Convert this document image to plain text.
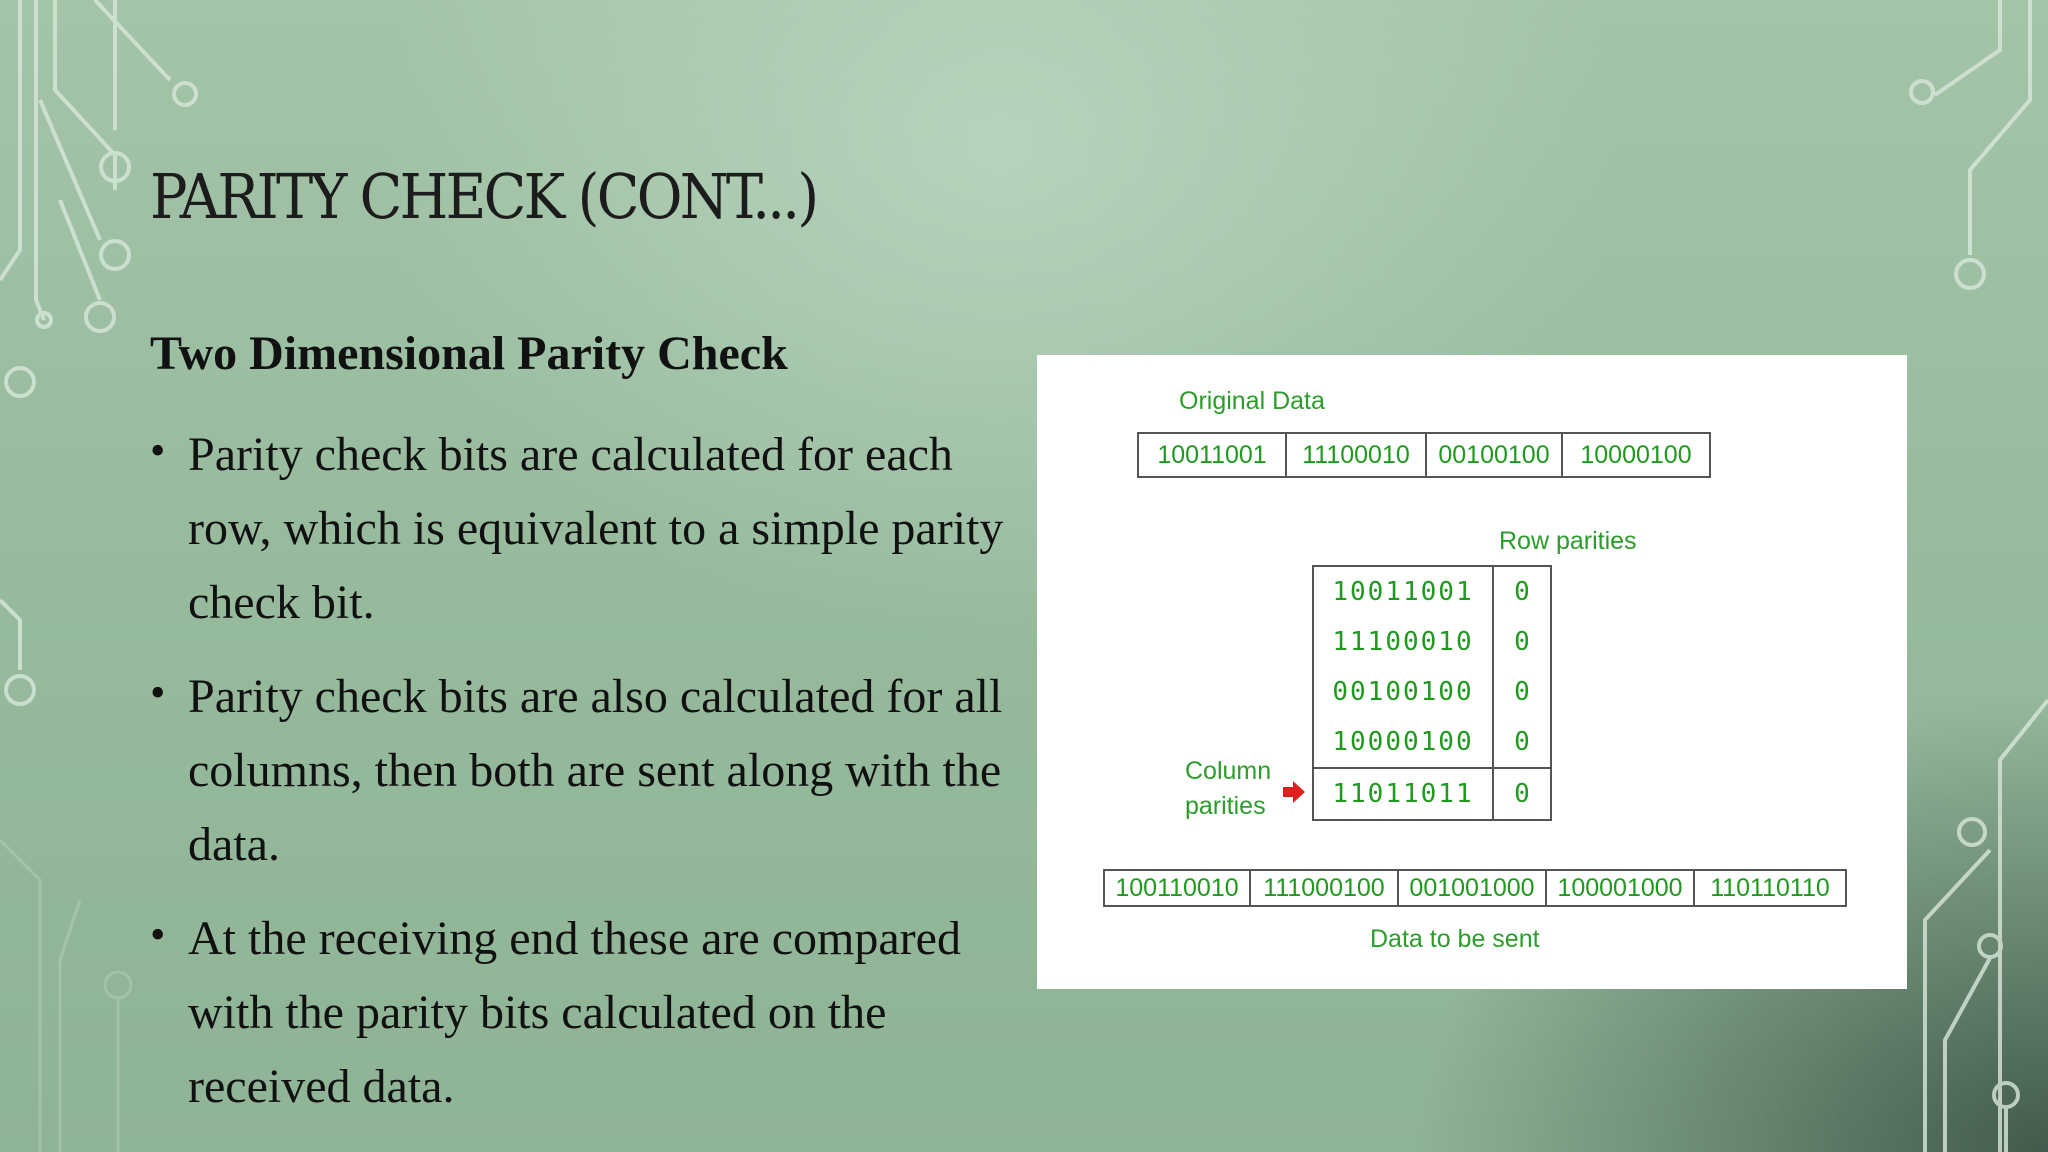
PARITY CHECK (CONT...)
Two Dimensional Parity Check
• Parity check bits are calculated for each row, which is equivalent to a simple parity check bit.
• Parity check bits are also calculated for all columns, then both are sent along with the data.
• At the receiving end these are compared with the parity bits calculated on the received data.
Original Data
10011001	11100010	00100100	10000100
Row parities
10011001	0
11100010	0
00100100	0
10000100	0
11011011	0
Column
parities
100110010 111000100 001001000 100001000	110110110
Data to be sent
